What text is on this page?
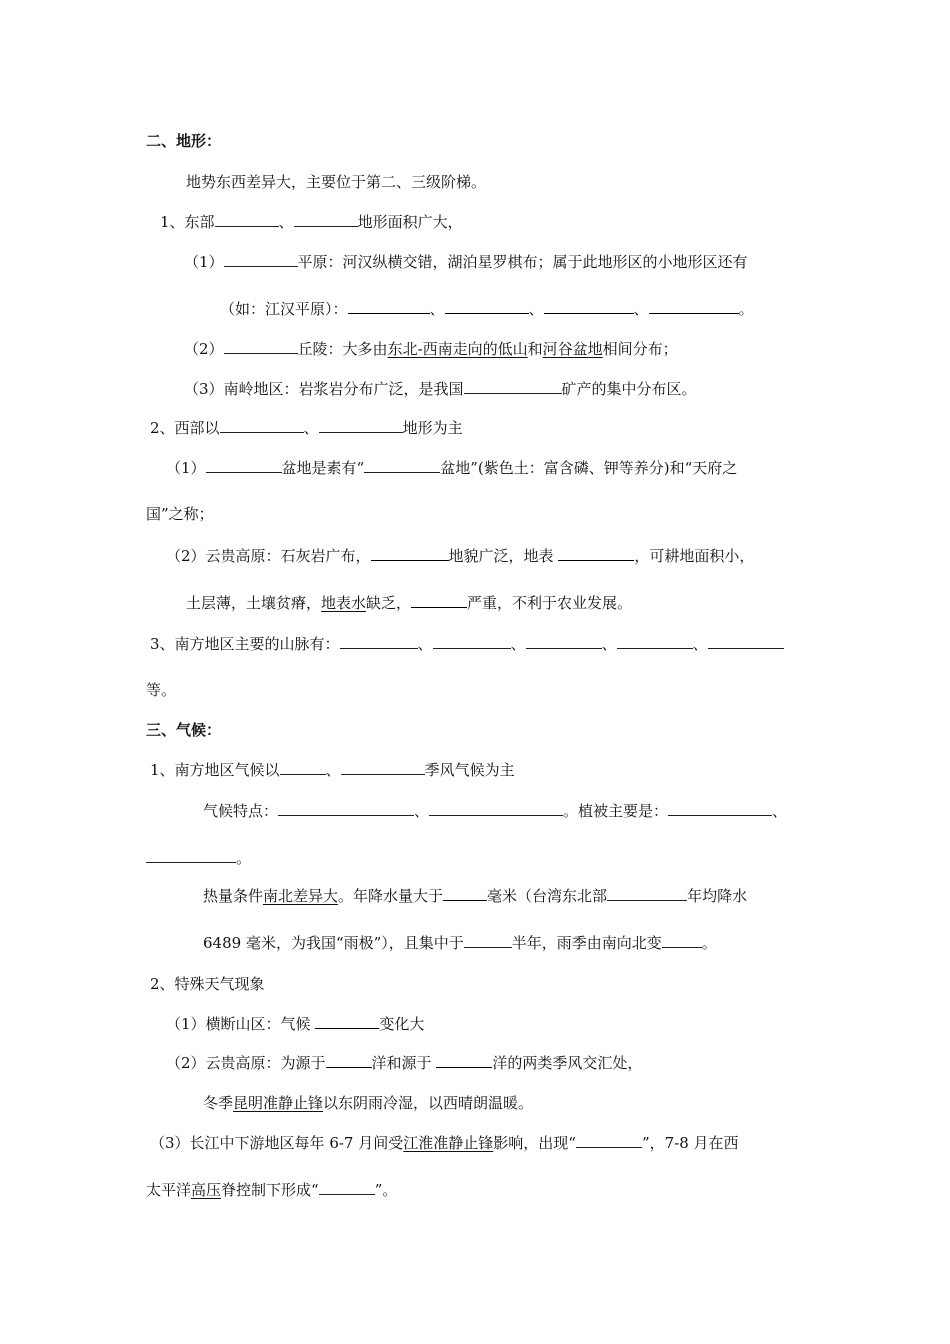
二、地形：
地势东西差异大，主要位于第二、三级阶梯。
1、东部	、	地形面积广大，
（1）	平原：河汉纵横交错，湖泊星罗棋布；属于此地形区的小地形区还有
（如：江汉平原）：	、	、	、	。
（2）	丘陵：大多由东北-西南走向的低山和河谷盆地相间分布；
（3）南岭地区：岩浆岩分布广泛，是我国	矿产的集中分布区。
2、西部以	、	地形为主
（1）	盆地是素有“	盆地”(紫色土：富含磷、钾等养分)和“天府之
国”之称；
（2）云贵高原：石灰岩广布，	地貌广泛，地表	，可耕地面积小，
土层薄，土壤贫瘠，地表水缺乏，	严重，不利于农业发展。
3、南方地区主要的山脉有：	、	、	、	、
等。
三、气候：
1、南方地区气候以	、	季风气候为主
气候特点：	、	。植被主要是：	、
。
热量条件南北差异大。年降水量大于	毫米（台湾东北部	年均降水
6489 毫米，为我国“雨极”），且集中于	半年，雨季由南向北变	。
2、特殊天气现象
（1）横断山区：气候	变化大
（2）云贵高原：为源于	洋和源于	洋的两类季风交汇处，
冬季昆明准静止锋以东阴雨冷湿，以西晴朗温暖。
（3）长江中下游地区每年 6-7 月间受江淮准静止锋影响，出现“	”，7-8 月在西
太平洋高压脊控制下形成“	”。
